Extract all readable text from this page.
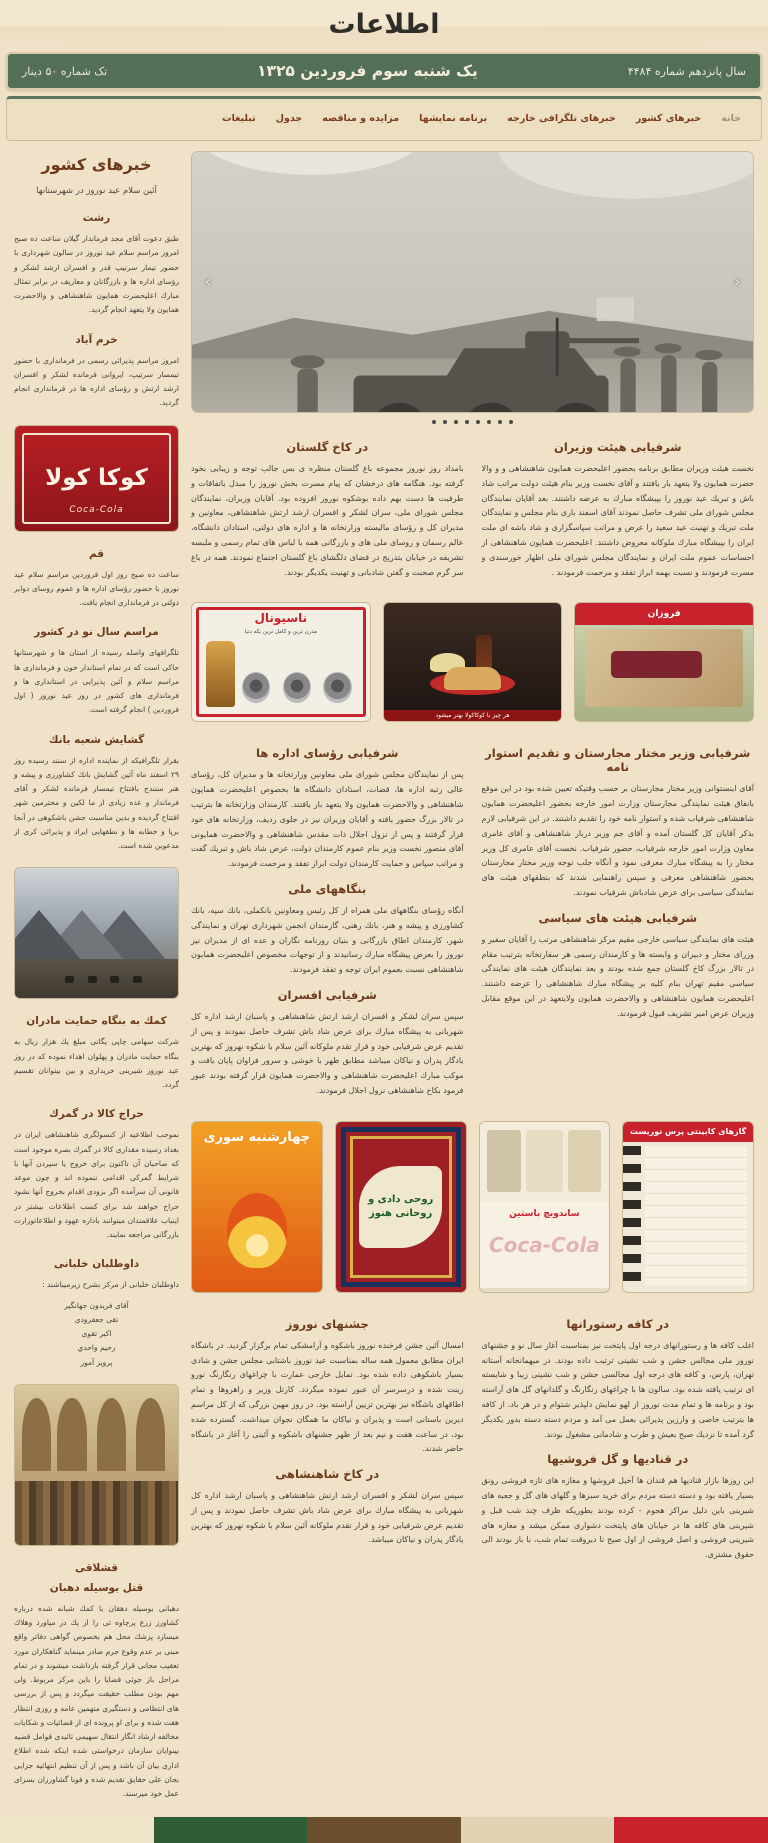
اطلاعات
سال پانزدهم شماره ۴۴۸۴
یک شنبه سوم فروردین ۱۳۲۵
تک شماره ۵۰ دینار
خانه
خبرهای کشور
خبرهای تلگرافی خارجه
برنامه نمایشها
مزایده و مناقصه
جدول
تبلیغات
‹
›
شرفیابی هیئت وزیران

نخست هیئت وزیران مطابق برنامه بحضور اعلیحضرت همایون شاهنشاهی و و والا حضرت همایون ولا یتعهد بار یافتند و آقای نخست وزیر بنام هیئت دولت مراتب شاد باش و تبریك عید نوروز را بپیشگاه مبارك به عرضه داشتند. بعد آقایان نمایندگان مجلس شورای ملی تشرف حاصل نمودند آقای اسفند باری بنام مجلس و نمایندگان ملت تبریك و تهنیت عید سعید را عرض و مراتب سپاسگزاری و شاد باشه ای ملت ایران را بپیشگاه مبارك ملوکانه معروض داشتند. اعلیحضرت همایون شاهنشاهی از احساسات عموم ملت ایران و نمایندگان مجلس شورای ملی اظهار خورسندی و مسرت فرمودند و نسبت بهمه ابراز تفقد و مرحمت فرمودند .

در کاخ گلستان

بامداد روز نوروز مجموعه باغ گلستان منظره ی بس جالب توجه و زیبایی بخود گرفته بود. هنگامه های درخشان که پیام مسرت بخش نوروز را مبدل باتفاقات و طرفیت ها دست بهم داده بوشکوه نوروز افزوده بود. آقایان وزیران، نمایندگان مجلس شورای ملی، سران لشکر و افسران ارشد ارتش شاهنشاهی، معاونین و مدیران كل و رؤسای مالیسته وزارتخانه ها و اداره های دولتی، استادان دانشگاه، عالم رسمان و روسای ملی های و بازرگانی همه با لباس های تمام رسمی و ملبسه تشریفه در خیابان بتدریج در فضای دلگشای باغ گلستان اجتماع نمودند. همه در باغ سر گرم صحبت و گفتن شادبانی و تهنیت یکدیگر بودند.

فروزان
هر چیز با کوکاکولا بهتر میشود
ناسیونال
مدرن ترین و کامل ترین بکه دنیا
شرفیابی وزیر مختار مجارستان و تقدیم استوار نامه

آقای اینستوانی وزیر مختار مجارستان بر حسب وقتیکه تعیین شده بود در این موقع بانفاق هیئت نمایندگی مجارستان وزارت امور خارجه بحضور اعلیحضرت همایون شاهنشاهی شرفیاب شده و استوار نامه خود را تقدیم داشتند. در این شرفیابی لازم بذکر آقایان كل گلستان آمده و آقای جم وزیر دربار شاهنشاهی و آقای عامری معاون وزارت امور خارجه شرفیاب، حضور شرفیاب. نخست آقای عامری کل وزیر مختار را به پیشگاه مبارك معرفی نمود و آنگاه جلب توجه وزیر مختار مجارستان بحضور شاهنشاهی معرفی و سپس راهنمایی شدند که بنطقهای هیئت های نمایندگی سیاسی برای عرض شادباش شرفیاب نمودند.

شرفیابی هیئت های سیاسی

هیئت های نمایندگی سیاسی خارجی مقیم مرکز شاهنشاهی مرتب را آقایان سفیر و وزرای مختار و دبیران و وابسته ها و کارمندان رسمی هر سفارتخانه بترتیب مقام در تالار بزرگ کاخ گلستان جمع شده بودند و بعد نمایندگان هیئت های نمایندگی سیاسی مقیم تهران بنام کلیه بر پیشگاه مبارك شاهنشاهی را عرضه داشتند. اعلیحضرت همایون شاهنشاهی و والاحضرت همایون ولایتعهد در این موقع مقابل وزیران عرض امیر تشریف قبول فرمودند.

شرفیابی رؤسای اداره ها

پس از نمایندگان مجلس شورای ملی معاونین وزارتخانه ها و مدیران كل، رؤسای عالی رتبه اداره ها، قضات، استادان دانشگاه ها بخصوص اعلیحضرت همایون شاهنشاهی و والاحضرت همایون ولا یتعهد بار یافتند. کارمندان وزارتخانه ها بترتیب در تالار بزرگ حضور یافته و آقایان وزیران نیز در جلوی ردیف، وزارتخانه های خود قرار گرفتند و پس از نزول اجلال ذات مقدس شاهنشاهی و والاحضرت همایونی آقای منصور نخست وزیر بنام عموم كارمندان دولت، عرض شاد باش و تبریك گفت و مراتب سپاس و حمایت کارمندان دولت ابراز تفقد و مرحمت فرمودند.

بنگاههای ملی

آنگاه رؤسای بنگاههای ملی همراه از كل رئیس ومعاونین بانكملی، بانك سپه، بانك کشاورزی و پیشه و هنر، بانك رهنی، گازمندان انجمن شهرداری تهران و نمایندگی شهر، كارمندان اطاق بازرگانی و بنیان روزنامه نگاران و عده ای از مدیران نیز نوروز را بعرض پیشگاه مبارك رسانیدند و از توجهات مخصوص اعلیحضرت همایون شاهنشاهی نسبت بعموم ایران توجه و تفقد فرمودند.

شرفیابی افسران

سپس سران لشکر و افسران ارشد ارتش شاهنشاهی و پاسبان ارشد اداره كل شهربانی به پیشگاه مبارك برای عرض شاد باش تشرف حاصل نمودند و پس از تقدیم عرض شرفیابی خود و قرار تقدم ملوکانه آئین سلام با شکوه نهروز كه بهترین یادگار پدران و نیاکان میباشد مطابق ظهر با خوشی و سرور فراوان پایان یافت و موکب مبارك اعلیحضرت شاهنشاهی و والاحضرت همایون قرار گرفته بودند عبور فرمود بکاخ شاهنشاهی نزول اجلال فرمودند.

گازهای کابینتی پرس توریست
ساندویچ باستین
Coca‑Cola
روحی دادی و روحانی هنوز
چهارشنبه سوری
در کافه رستورانها

اغلب کافه ها و رستورانهای درجه اول پایتخت نیز بمناسبت آغاز سال نو و جشنهای نوروز ملی مجالس جشن و شب نشینی ترتیب داده بودند. در میهمانخانه آستانه تهران، پارس، و کافه های درجه اول مجالسی جشن و شب نشینی زیبا و شایسته ای ترتیب یافته شده بود. سالون ها با چراغهای رنگارنگ و گلدانهای گل های آراسته بود و برنامه ها و تمام مدت نوروز از لهو نمایش دلپذیر شتوام و در هر باد، از کافه ها بترتیب خاصی و وارزین پذیرائی بعمل می آمد و مردم دسته دسته بدور یکدیگر گرد آمده تا نزدیك صبح بعیش و طرب و شادمانی مشغول بودند.

در قنادیها و گل فروشیها

این روزها بازار قنادیها هم قندان ها آخیل فروشها و مغازه های تازه فروشی رونق بسیار یافته بود و دسته دسته مردم برای خرید سبزها و گلهای های گل و جعبه های شیرینی باین دلیل مراکز هجوم - كرده بودند بطوریکه ظرف چند شب قبل و شیرینی های کافه ها در خیابان های پایتخت دشواری ممکن میشد و مغازه های شیرینی فروشی و اصل فروشی از اول صبح تا دیروقت تمام شب، با باز بودند الی حقوق مشتری.

جشنهای نوروز

امسال آئین جشن فرخنده نوروز باشکوه و آرامشکی تمام برگزار گردید. در باشگاه ایران مطابق معمول همه ساله بمناسبت عید نوروز باشتابی مجلس جشن و شادی بسیار باشکوهی داده شده بود. تمایل خارجی عمارت با چراغهای رنگارنگ نورو زینت شده و درسرسر آن عبور نموده میگردد. کارتل وزیر و راهروها و تمام اطاقهای باشگاه نیز بهترین تزیین آراسته بود. در روز مهین بزرگی که از کل مراسم دیرین باستانی است و پذیران و نیاکان ما همگان نجوان میداشت. گسترده شده بود، در ساعت هفت و نیم بعد از ظهر جشنهای باشکوه و آئینی را آغاز در باشگاه حاضر شدند.

در کاخ شاهنشاهی

سپس سران لشکر و افسران ارشد ارتش شاهنشاهی و پاسبان ارشد اداره كل شهربانی به پیشگاه مبارك برای عرض شاد باش تشرف حاصل نمودند و پس از تقدیم عرض شرفیابی خود و قرار تقدم ملوکانه آئین سلام با شکوه نهروز كه بهترین یادگار پدران و نیاکان میباشد.

خبرهای کشور
آئین سلام عید نوروز در شهرستانها
رشت

طبق دعوت آقای مجد فرماندار گیلان ساعت ده صبح امروز مراسم سلام عید نوروز در سالون شهرداری با حضور تیمار سرتیپ قدر و افسران ارشد لشکر و رؤسای اداره ها و بازرگانان و معاریف در برابر تمثال مبارك اعلیحضرت همایون شاهنشاهی و والاحضرت همایون ولا یتعهد انجام گردید.

خرم آباد

امروز مراسم پذیرائی رسمی در فرمانداری با حضور تیمسار سرتیپ، ایروانی فرمانده لشکر و افسران ارشد ارتش و رؤسای اداره ها در فرمانداری انجام گردید.

كوكا كولا
Coca-Cola
قم

ساعت ده صبح روز اول فروردین مراسم سلام عید نوروز با حضور رؤسای اداره ها و عموم روسای دوایر دولتی در فرمانداری انجام یافت.

مراسم سال نو در کشور

تلگرافهای واصله رسیده از استان ها و شهرستانها حاکی است که در تمام استاندار خون و فرمانداری ها مراسم سلام و آئین پذیرایی در استانداری ها و فرمانداری های کشور در روز عید نوروز ( اول فروردین ) انجام گرفته است.

گشایش شعبه بانك

بقرار تلگرافیکه از نماینده اداره از سنند رسیده روز ۲۹ اسفند ماه آئین گشایش بانك کشاورزی و پیشه و هنر سنندج بافتتاح تیمسار فرمانده لشکر و آقای فرماندار و عده زیادی از ما لکین و محترمین شهر افتتاح گردیده و بدین مناسبت جشن باشکوهی در آنجا برپا و خطابه ها و نطقهایی ایراد و پذیرائی کری از مدعوین شده است.

كمك به بنگاه حمایت مادران

شرکت سهامی چاپی یگانی مبلغ یك هزار ریال به بنگاه حمایت مادران و پهلوان اهداء نموده که در روز عید نوروز شیرینی خریداری و بین بیتوانان تقسیم گردد.

حراج كالا در گمرك

بموجب اطلاعیه از كنسولگری شاهنشاهی ایران در بغداد رسیده مقداری كالا در گمرك بصره موجود است که صاحبان آن تاکنون برای خروج یا سپردن آنها با شرایط گمرکی اقدامی ننموده اند و چون موعد قانونی آن سرآمده اگر بزودی اقدام بخروج آنها نشود حراج خواهند شد برای کسب اطلاعات بیشتر در اینباب علاقمندان میتوانند باداره عهود و اطلاعاتوزارت بازرگانی مراجعه نمایند.

داوطلبان خلبانی

داوطلبان خلبانی از مرکز بشرح زیرمیباشند :

آقای فریدون جهانگیر
تقی جعفرودی
اکبر تقوی
رحیم واحدي
پرویز آمور
قشلاقی
قتل بوسیله دهبان

دهبانی بوسیله دهقان با كمك شبانه شده درباره کشاورز زرع پرچاوه ئی را از یك در میاورد وهلاك میسازد پزشك محل هم بخصوص گواهی دفاتر واقع مبنی بر عدم وقوع جرم صادر مینماید گناهکاران مورد تعقیب مجانی قرار گرفته بازداشت میشوند و در تمام مراحل باز جوئی قضایا را باین مرکز مربوط. ولی مهم بودن مطلب حقیقت میگردد و پس از بررسی های انتظامی و دستگیری متهمین عامه و روزی انتظار هفت شده و برای او پرونده ای از قضائیات و شكایات مخالفه ارشاد انگار انتقال سهیمی تائیدی قوامل قضیه بینوایان سازمان درخواستی شده اینکه شده اطلاع اداری بیان آن باشد و پس از آن تنظیم انتهائیه جزایی بجان علی حقایق تقدیم شده و فوبا گشاورزان بسزای عمل خود میرسند.
